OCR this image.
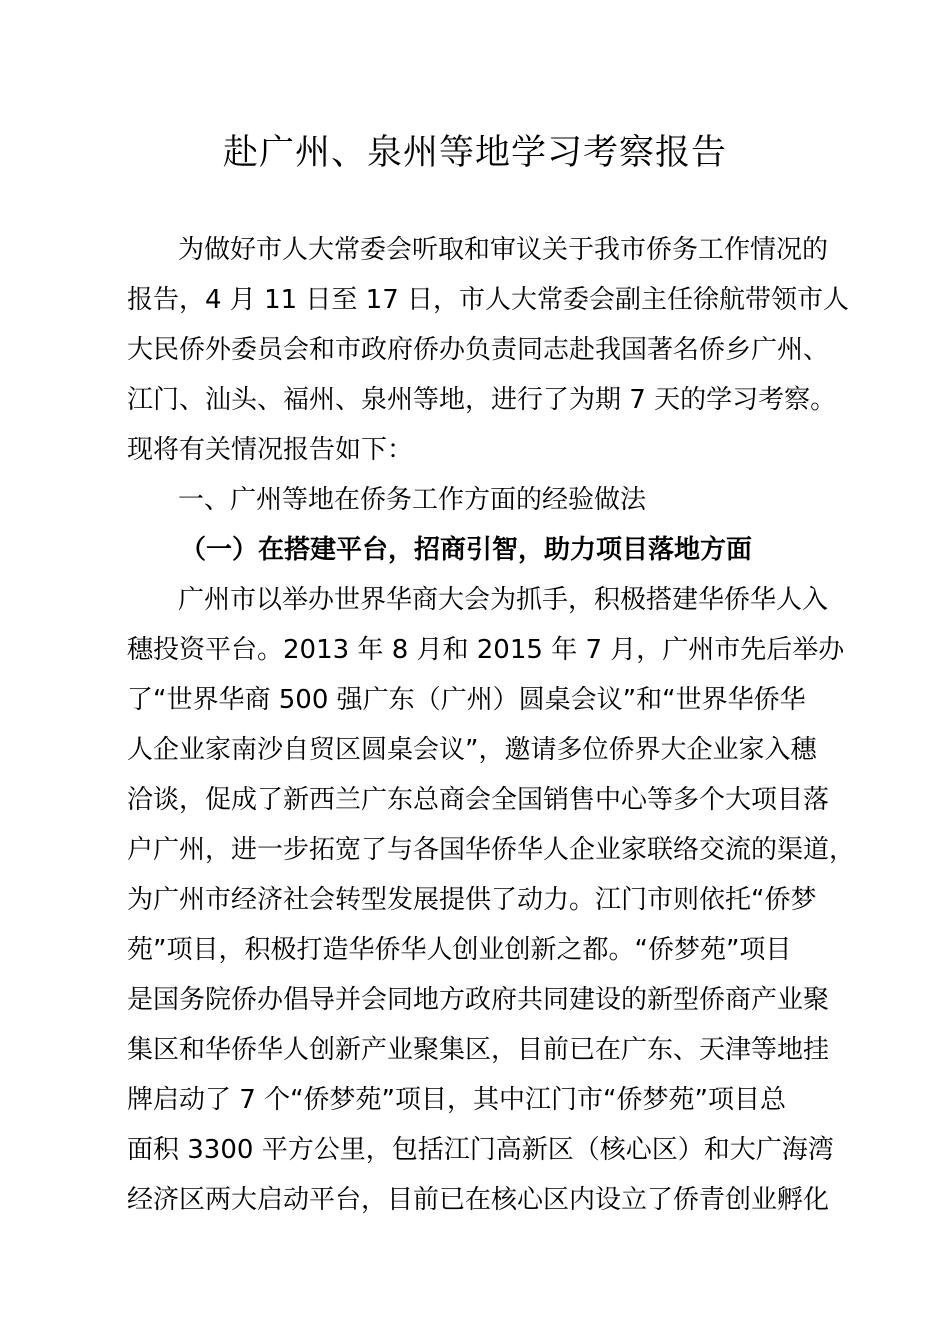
赴广州、泉州等地学习考察报告
为做好市人大常委会听取和审议关于我市侨务工作情况的
报告，4 月 11 日至 17 日，市人大常委会副主任徐航带领市人
大民侨外委员会和市政府侨办负责同志赴我国著名侨乡广州、
江门、汕头、福州、泉州等地，进行了为期 7 天的学习考察。
现将有关情况报告如下：
一、广州等地在侨务工作方面的经验做法
（一）在搭建平台，招商引智，助力项目落地方面
广州市以举办世界华商大会为抓手，积极搭建华侨华人入
穗投资平台。2013 年 8 月和 2015 年 7 月，广州市先后举办
了“世界华商 500 强广东（广州）圆桌会议”和“世界华侨华
人企业家南沙自贸区圆桌会议”，邀请多位侨界大企业家入穗
洽谈，促成了新西兰广东总商会全国销售中心等多个大项目落
户广州，进一步拓宽了与各国华侨华人企业家联络交流的渠道，
为广州市经济社会转型发展提供了动力。江门市则依托“侨梦
苑”项目，积极打造华侨华人创业创新之都。“侨梦苑”项目
是国务院侨办倡导并会同地方政府共同建设的新型侨商产业聚
集区和华侨华人创新产业聚集区，目前已在广东、天津等地挂
牌启动了 7 个“侨梦苑”项目，其中江门市“侨梦苑”项目总
面积 3300 平方公里，包括江门高新区（核心区）和大广海湾
经济区两大启动平台，目前已在核心区内设立了侨青创业孵化
